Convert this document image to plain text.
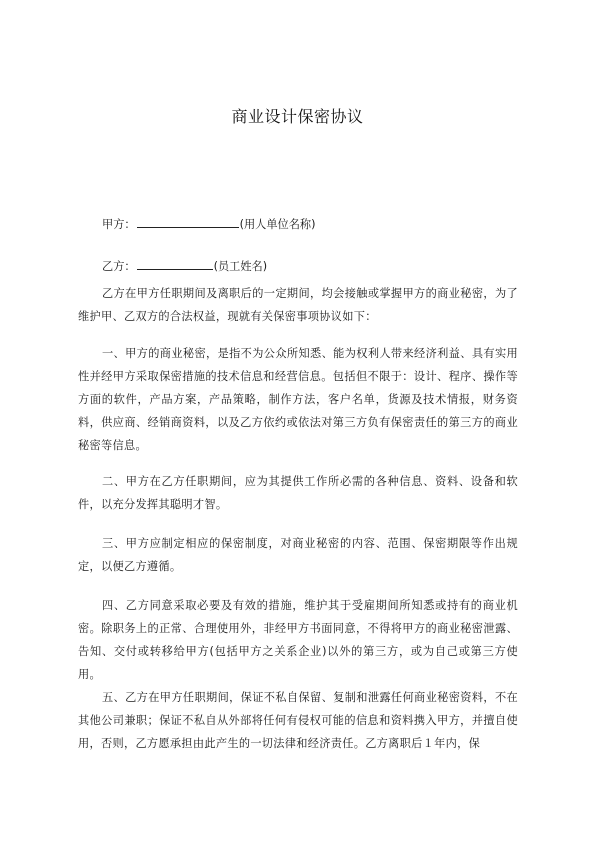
商业设计保密协议
甲方：	(用人单位名称)
乙方：	(员工姓名)

乙方在甲方任职期间及离职后的一定期间，均会接触或掌握甲方的商业秘密，为了维护甲、乙双方的合法权益，现就有关保密事项协议如下：

一、甲方的商业秘密，是指不为公众所知悉、能为权利人带来经济利益、具有实用性并经甲方采取保密措施的技术信息和经营信息。包括但不限于：设计、程序、操作等方面的软件，产品方案，产品策略，制作方法，客户名单，货源及技术情报，财务资料，供应商、经销商资料，以及乙方依约或依法对第三方负有保密责任的第三方的商业秘密等信息。

二、甲方在乙方任职期间，应为其提供工作所必需的各种信息、资料、设备和软件，以充分发挥其聪明才智。

三、甲方应制定相应的保密制度，对商业秘密的内容、范围、保密期限等作出规定，以便乙方遵循。

四、乙方同意采取必要及有效的措施，维护其于受雇期间所知悉或持有的商业机密。除职务上的正常、合理使用外，非经甲方书面同意，不得将甲方的商业秘密泄露、告知、交付或转移给甲方(包括甲方之关系企业)以外的第三方，或为自己或第三方使用。

五、乙方在甲方任职期间，保证不私自保留、复制和泄露任何商业秘密资料，不在其他公司兼职；保证不私自从外部将任何有侵权可能的信息和资料携入甲方，并擅自使用，否则，乙方愿承担由此产生的一切法律和经济责任。乙方离职后１年内，保
